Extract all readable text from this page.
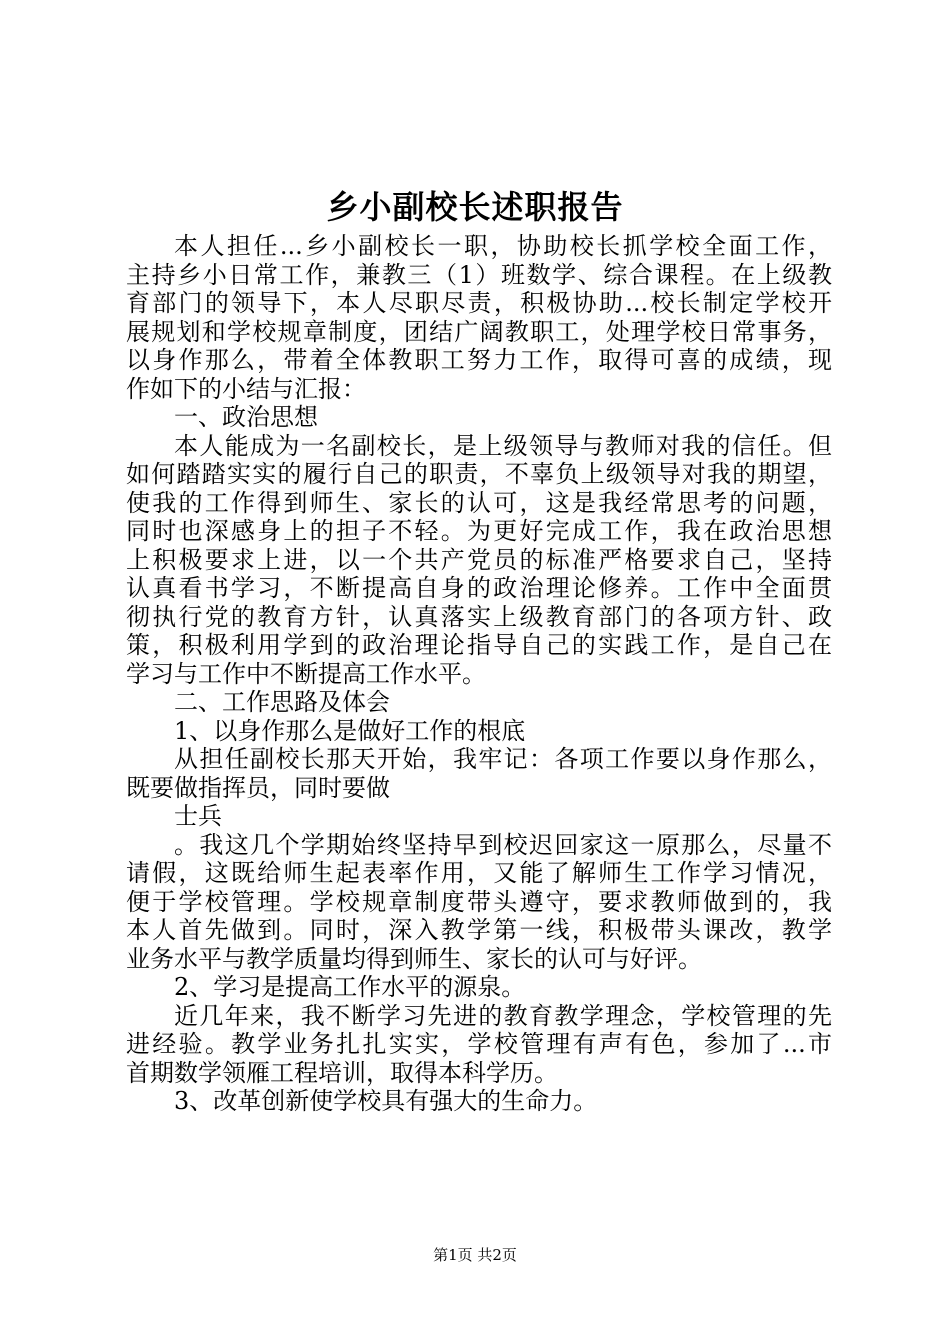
乡小副校长述职报告
本人担任...乡小副校长一职，协助校长抓学校全面工作，
主持乡小日常工作，兼教三（1）班数学、综合课程。在上级教
育部门的领导下，本人尽职尽责，积极协助...校长制定学校开
展规划和学校规章制度，团结广阔教职工，处理学校日常事务，
以身作那么，带着全体教职工努力工作，取得可喜的成绩，现
作如下的小结与汇报：
一、政治思想
本人能成为一名副校长，是上级领导与教师对我的信任。但
如何踏踏实实的履行自己的职责，不辜负上级领导对我的期望，
使我的工作得到师生、家长的认可，这是我经常思考的问题，
同时也深感身上的担子不轻。为更好完成工作，我在政治思想
上积极要求上进，以一个共产党员的标准严格要求自己，坚持
认真看书学习，不断提高自身的政治理论修养。工作中全面贯
彻执行党的教育方针，认真落实上级教育部门的各项方针、政
策，积极利用学到的政治理论指导自己的实践工作，是自己在
学习与工作中不断提高工作水平。
二、工作思路及体会
1、以身作那么是做好工作的根底
从担任副校长那天开始，我牢记：各项工作要以身作那么，
既要做指挥员，同时要做
士兵
。我这几个学期始终坚持早到校迟回家这一原那么，尽量不
请假，这既给师生起表率作用，又能了解师生工作学习情况，
便于学校管理。学校规章制度带头遵守，要求教师做到的，我
本人首先做到。同时，深入教学第一线，积极带头课改，教学
业务水平与教学质量均得到师生、家长的认可与好评。
2、学习是提高工作水平的源泉。
近几年来，我不断学习先进的教育教学理念，学校管理的先
进经验。教学业务扎扎实实，学校管理有声有色，参加了...市
首期数学领雁工程培训，取得本科学历。
3、改革创新使学校具有强大的生命力。
第1页 共2页
